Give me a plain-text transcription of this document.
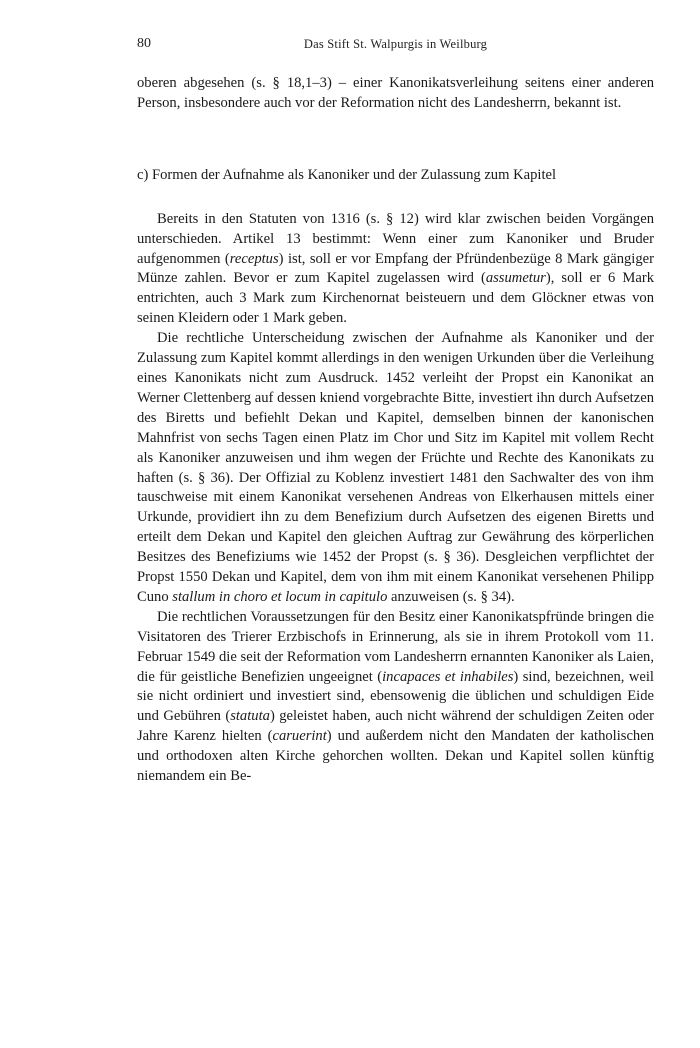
80	Das Stift St. Walpurgis in Weilburg

oberen abgesehen (s. § 18,1–3) – einer Kanonikatsverleihung seitens einer anderen Person, insbesondere auch vor der Reformation nicht des Landesherrn, bekannt ist.

c) Formen der Aufnahme als Kanoniker und der Zulassung zum Kapitel

Bereits in den Statuten von 1316 (s. § 12) wird klar zwischen beiden Vorgängen unterschieden. Artikel 13 bestimmt: Wenn einer zum Kanoniker und Bruder aufgenommen (receptus) ist, soll er vor Empfang der Pfründenbezüge 8 Mark gängiger Münze zahlen. Bevor er zum Kapitel zugelassen wird (assumetur), soll er 6 Mark entrichten, auch 3 Mark zum Kirchenornat beisteuern und dem Glöckner etwas von seinen Kleidern oder 1 Mark geben.

Die rechtliche Unterscheidung zwischen der Aufnahme als Kanoniker und der Zulassung zum Kapitel kommt allerdings in den wenigen Urkunden über die Verleihung eines Kanonikats nicht zum Ausdruck. 1452 verleiht der Propst ein Kanonikat an Werner Clettenberg auf dessen kniend vorgebrachte Bitte, investiert ihn durch Aufsetzen des Biretts und befiehlt Dekan und Kapitel, demselben binnen der kanonischen Mahnfrist von sechs Tagen einen Platz im Chor und Sitz im Kapitel mit vollem Recht als Kanoniker anzuweisen und ihm wegen der Früchte und Rechte des Kanonikats zu haften (s. § 36). Der Offizial zu Koblenz investiert 1481 den Sachwalter des von ihm tauschweise mit einem Kanonikat versehenen Andreas von Elkerhausen mittels einer Urkunde, providiert ihn zu dem Benefizium durch Aufsetzen des eigenen Biretts und erteilt dem Dekan und Kapitel den gleichen Auftrag zur Gewährung des körperlichen Besitzes des Benefiziums wie 1452 der Propst (s. § 36). Desgleichen verpflichtet der Propst 1550 Dekan und Kapitel, dem von ihm mit einem Kanonikat versehenen Philipp Cuno stallum in choro et locum in capitulo anzuweisen (s. § 34).

Die rechtlichen Voraussetzungen für den Besitz einer Kanonikatspfründe bringen die Visitatoren des Trierer Erzbischofs in Erinnerung, als sie in ihrem Protokoll vom 11. Februar 1549 die seit der Reformation vom Landesherrn ernannten Kanoniker als Laien, die für geistliche Benefizien ungeeignet (incapaces et inhabiles) sind, bezeichnen, weil sie nicht ordiniert und investiert sind, ebensowenig die üblichen und schuldigen Eide und Gebühren (statuta) geleistet haben, auch nicht während der schuldigen Zeiten oder Jahre Karenz hielten (caruerint) und außerdem nicht den Mandaten der katholischen und orthodoxen alten Kirche gehorchen wollten. Dekan und Kapitel sollen künftig niemandem ein Be-
